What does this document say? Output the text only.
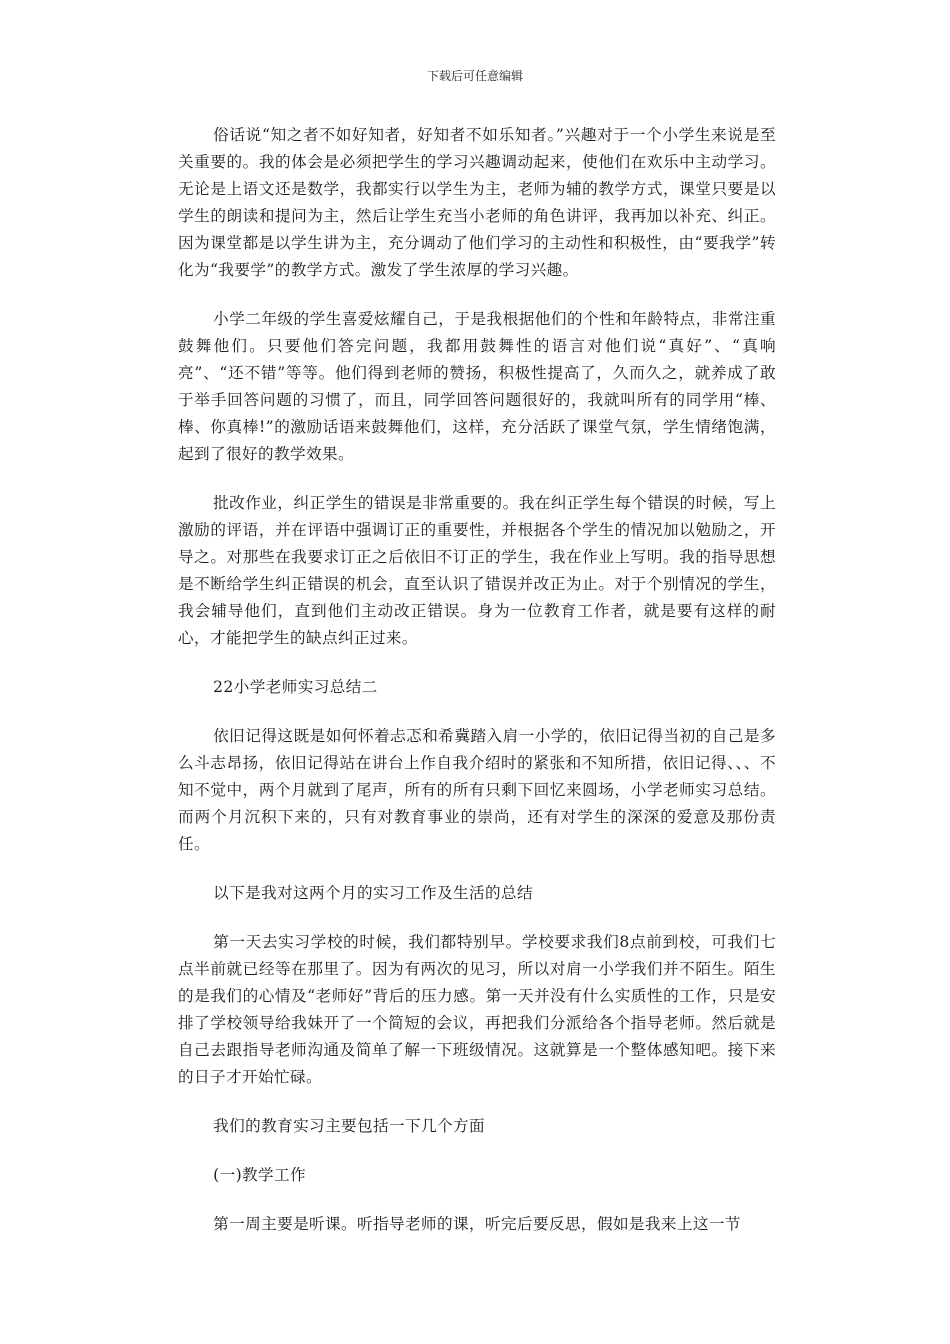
下载后可任意编辑

俗话说“知之者不如好知者，好知者不如乐知者。”兴趣对于一个小学生来说是至关重要的。我的体会是必须把学生的学习兴趣调动起来，使他们在欢乐中主动学习。无论是上语文还是数学，我都实行以学生为主，老师为辅的教学方式，课堂只要是以学生的朗读和提问为主，然后让学生充当小老师的角色讲评，我再加以补充、纠正。因为课堂都是以学生讲为主，充分调动了他们学习的主动性和积极性，由“要我学”转化为“我要学”的教学方式。激发了学生浓厚的学习兴趣。

小学二年级的学生喜爱炫耀自己，于是我根据他们的个性和年龄特点，非常注重鼓舞他们。只要他们答完问题，我都用鼓舞性的语言对他们说“真好”、“真响亮”、“还不错”等等。他们得到老师的赞扬，积极性提高了，久而久之，就养成了敢于举手回答问题的习惯了，而且，同学回答问题很好的，我就叫所有的同学用“棒、棒、你真棒!”的激励话语来鼓舞他们，这样，充分活跃了课堂气氛，学生情绪饱满，起到了很好的教学效果。

批改作业，纠正学生的错误是非常重要的。我在纠正学生每个错误的时候，写上激励的评语，并在评语中强调订正的重要性，并根据各个学生的情况加以勉励之，开导之。对那些在我要求订正之后依旧不订正的学生，我在作业上写明。我的指导思想是不断给学生纠正错误的机会，直至认识了错误并改正为止。对于个别情况的学生，我会辅导他们，直到他们主动改正错误。身为一位教育工作者，就是要有这样的耐心，才能把学生的缺点纠正过来。

22小学老师实习总结二

依旧记得这既是如何怀着忐忑和希冀踏入肩一小学的，依旧记得当初的自己是多么斗志昂扬，依旧记得站在讲台上作自我介绍时的紧张和不知所措，依旧记得、、、不知不觉中，两个月就到了尾声，所有的所有只剩下回忆来圆场，小学老师实习总结。而两个月沉积下来的，只有对教育事业的崇尚，还有对学生的深深的爱意及那份责任。

以下是我对这两个月的实习工作及生活的总结

第一天去实习学校的时候，我们都特别早。学校要求我们8点前到校，可我们七点半前就已经等在那里了。因为有两次的见习，所以对肩一小学我们并不陌生。陌生的是我们的心情及“老师好”背后的压力感。第一天并没有什么实质性的工作，只是安排了学校领导给我妹开了一个简短的会议，再把我们分派给各个指导老师。然后就是自己去跟指导老师沟通及简单了解一下班级情况。这就算是一个整体感知吧。接下来的日子才开始忙碌。

我们的教育实习主要包括一下几个方面

(一)教学工作

第一周主要是听课。听指导老师的课，听完后要反思，假如是我来上这一节
